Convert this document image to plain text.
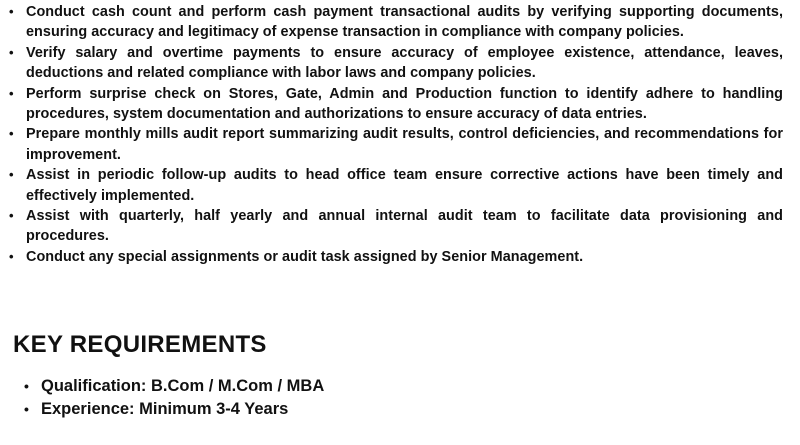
• Conduct cash count and perform cash payment transactional audits by verifying supporting documents, ensuring accuracy and legitimacy of expense transaction in compliance with company policies.
• Verify salary and overtime payments to ensure accuracy of employee existence, attendance, leaves, deductions and related compliance with labor laws and company policies.
• Perform surprise check on Stores, Gate, Admin and Production function to identify adhere to handling procedures, system documentation and authorizations to ensure accuracy of data entries.
• Prepare monthly mills audit report summarizing audit results, control deficiencies, and recommendations for improvement.
• Assist in periodic follow-up audits to head office team ensure corrective actions have been timely and effectively implemented.
• Assist with quarterly, half yearly and annual internal audit team to facilitate data provisioning and procedures.
• Conduct any special assignments or audit task assigned by Senior Management.
KEY REQUIREMENTS
• Qualification: B.Com / M.Com / MBA
• Experience: Minimum 3-4 Years
